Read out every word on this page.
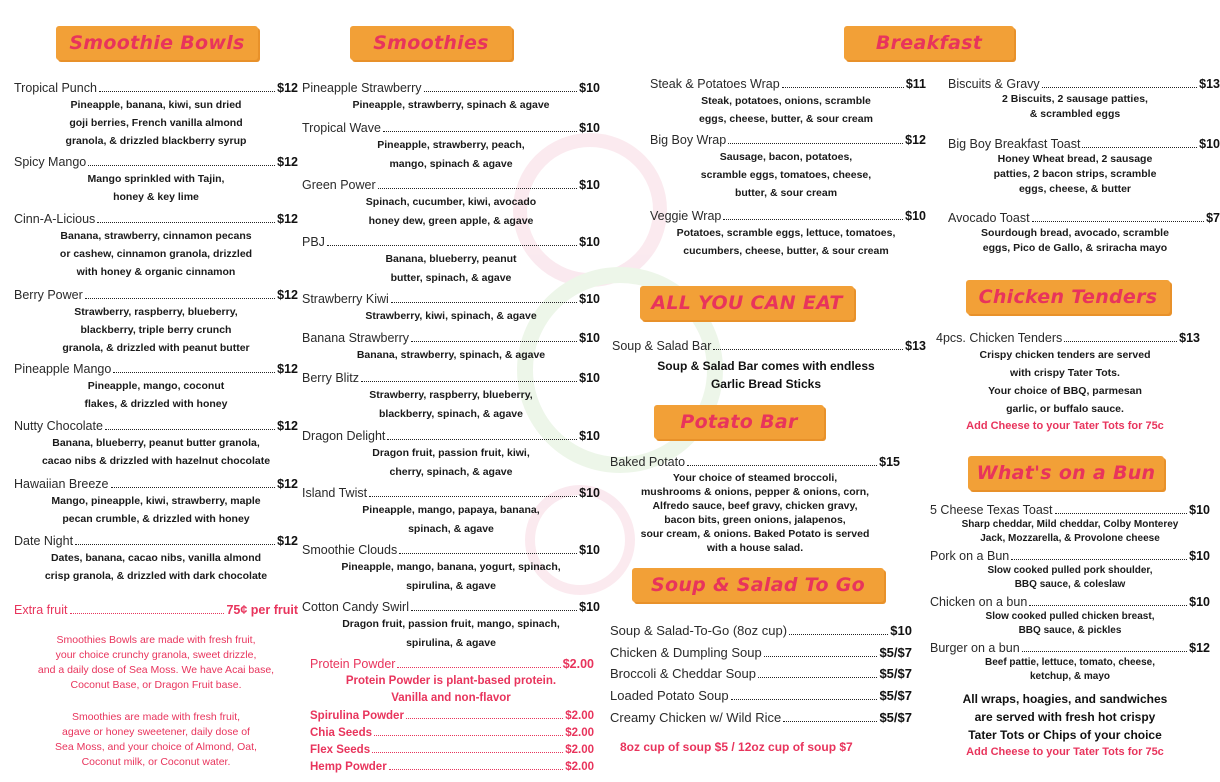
Smoothie Bowls
Tropical Punch	$12
Pineapple, banana, kiwi, sun dried
goji berries, French vanilla almond
granola, & drizzled blackberry syrup
Spicy Mango	$12
Mango sprinkled with Tajin,
honey & key lime
Cinn-A-Licious	$12
Banana, strawberry, cinnamon pecans
or cashew, cinnamon granola, drizzled
with honey & organic cinnamon
Berry Power	$12
Strawberry, raspberry, blueberry,
blackberry, triple berry crunch
granola, & drizzled with peanut butter
Pineapple Mango	$12
Pineapple, mango, coconut
flakes, & drizzled with honey
Nutty Chocolate	$12
Banana, blueberry, peanut butter granola,
cacao nibs & drizzled with hazelnut chocolate
Hawaiian Breeze	$12
Mango, pineapple, kiwi, strawberry, maple
pecan crumble, & drizzled with honey
Date Night	$12
Dates, banana, cacao nibs, vanilla almond
crisp granola, & drizzled with dark chocolate
Extra fruit	75¢ per fruit
Smoothies Bowls are made with fresh fruit,
your choice crunchy granola, sweet drizzle,
and a daily dose of Sea Moss. We have Acai base,
Coconut Base, or Dragon Fruit base.
Smoothies are made with fresh fruit,
agave or honey sweetener, daily dose of
Sea Moss, and your choice of Almond, Oat,
Coconut milk, or Coconut water.
Smoothies
Pineapple Strawberry	$10
Pineapple, strawberry, spinach & agave
Tropical Wave	$10
Pineapple, strawberry, peach,
mango, spinach & agave
Green Power	$10
Spinach, cucumber, kiwi, avocado
honey dew, green apple, & agave
PBJ	$10
Banana, blueberry, peanut
butter, spinach, & agave
Strawberry Kiwi	$10
Strawberry, kiwi, spinach, & agave
Banana Strawberry	$10
Banana, strawberry, spinach, & agave
Berry Blitz	$10
Strawberry, raspberry, blueberry,
blackberry, spinach, & agave
Dragon Delight	$10
Dragon fruit, passion fruit, kiwi,
cherry, spinach, & agave
Island Twist	$10
Pineapple, mango, papaya, banana,
spinach, & agave
Smoothie Clouds	$10
Pineapple, mango, banana, yogurt, spinach,
spirulina, & agave
Cotton Candy Swirl	$10
Dragon fruit, passion fruit, mango, spinach,
spirulina, & agave
Protein Powder	$2.00
Protein Powder is plant-based protein.
Vanilla and non-flavor
Spirulina Powder	$2.00
Chia Seeds	$2.00
Flex Seeds	$2.00
Hemp Powder	$2.00
Steak & Potatoes Wrap	$11
Steak, potatoes, onions, scramble
eggs, cheese, butter, & sour cream
Big Boy Wrap	$12
Sausage, bacon, potatoes,
scramble eggs, tomatoes, cheese,
butter, & sour cream
Veggie Wrap	$10
Potatoes, scramble eggs, lettuce, tomatoes,
cucumbers, cheese, butter, & sour cream
ALL YOU CAN EAT
Soup & Salad Bar	$13
Soup & Salad Bar comes with endless
Garlic Bread Sticks
Potato Bar
Baked Potato	$15
Your choice of steamed broccoli,
mushrooms & onions, pepper & onions, corn,
Alfredo sauce, beef gravy, chicken gravy,
bacon bits, green onions, jalapenos,
sour cream, & onions. Baked Potato is served
with a house salad.
Soup & Salad To Go
Soup & Salad-To-Go (8oz cup)	$10
Chicken & Dumpling Soup	$5/$7
Broccoli & Cheddar Soup	$5/$7
Loaded Potato Soup	$5/$7
Creamy Chicken w/ Wild Rice	$5/$7
8oz cup of soup $5 / 12oz cup of soup $7
Breakfast
Biscuits & Gravy	$13
2 Biscuits, 2 sausage patties,
& scrambled eggs
Big Boy Breakfast Toast	$10
Honey Wheat bread, 2 sausage
patties, 2 bacon strips, scramble
eggs, cheese, & butter
Avocado Toast	$7
Sourdough bread, avocado, scramble
eggs, Pico de Gallo, & sriracha mayo
Chicken Tenders
4pcs. Chicken Tenders	$13
Crispy chicken tenders are served
with crispy Tater Tots.
Your choice of BBQ, parmesan
garlic, or buffalo sauce.
Add Cheese to your Tater Tots for 75c
What's on a Bun
5 Cheese Texas Toast	$10
Sharp cheddar, Mild cheddar, Colby Monterey
Jack, Mozzarella, & Provolone cheese
Pork on a Bun	$10
Slow cooked pulled pork shoulder,
BBQ sauce, & coleslaw
Chicken on a bun	$10
Slow cooked pulled chicken breast,
BBQ sauce, & pickles
Burger on a bun	$12
Beef pattie, lettuce, tomato, cheese,
ketchup, & mayo
All wraps, hoagies, and sandwiches
are served with fresh hot crispy
Tater Tots or Chips of your choice
Add Cheese to your Tater Tots for 75c
